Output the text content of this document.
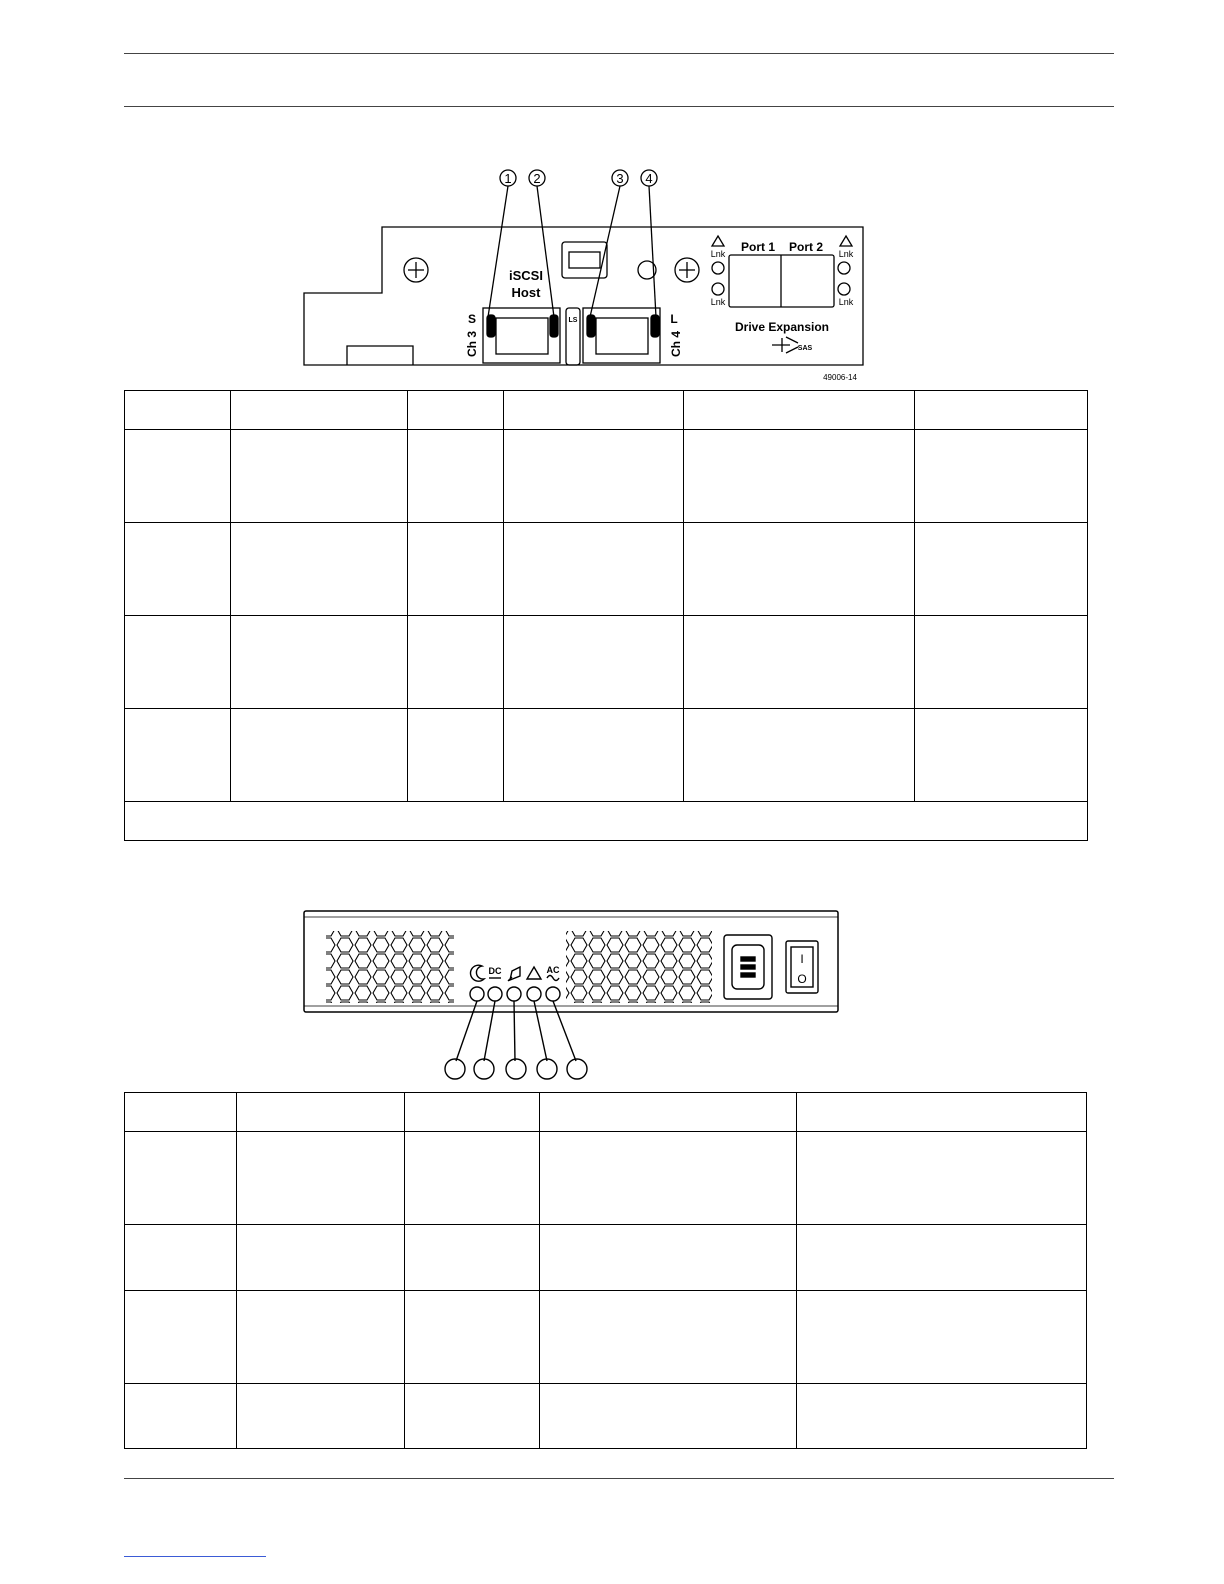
1 2	3 4
iSCSI
Host
S
Ch 3
LS	L
Ch 4
Lnk
Lnk
Lnk
Lnk
Port 1 Port 2
Drive Expansion
SAS
49006-14

DC	AC
I
O
